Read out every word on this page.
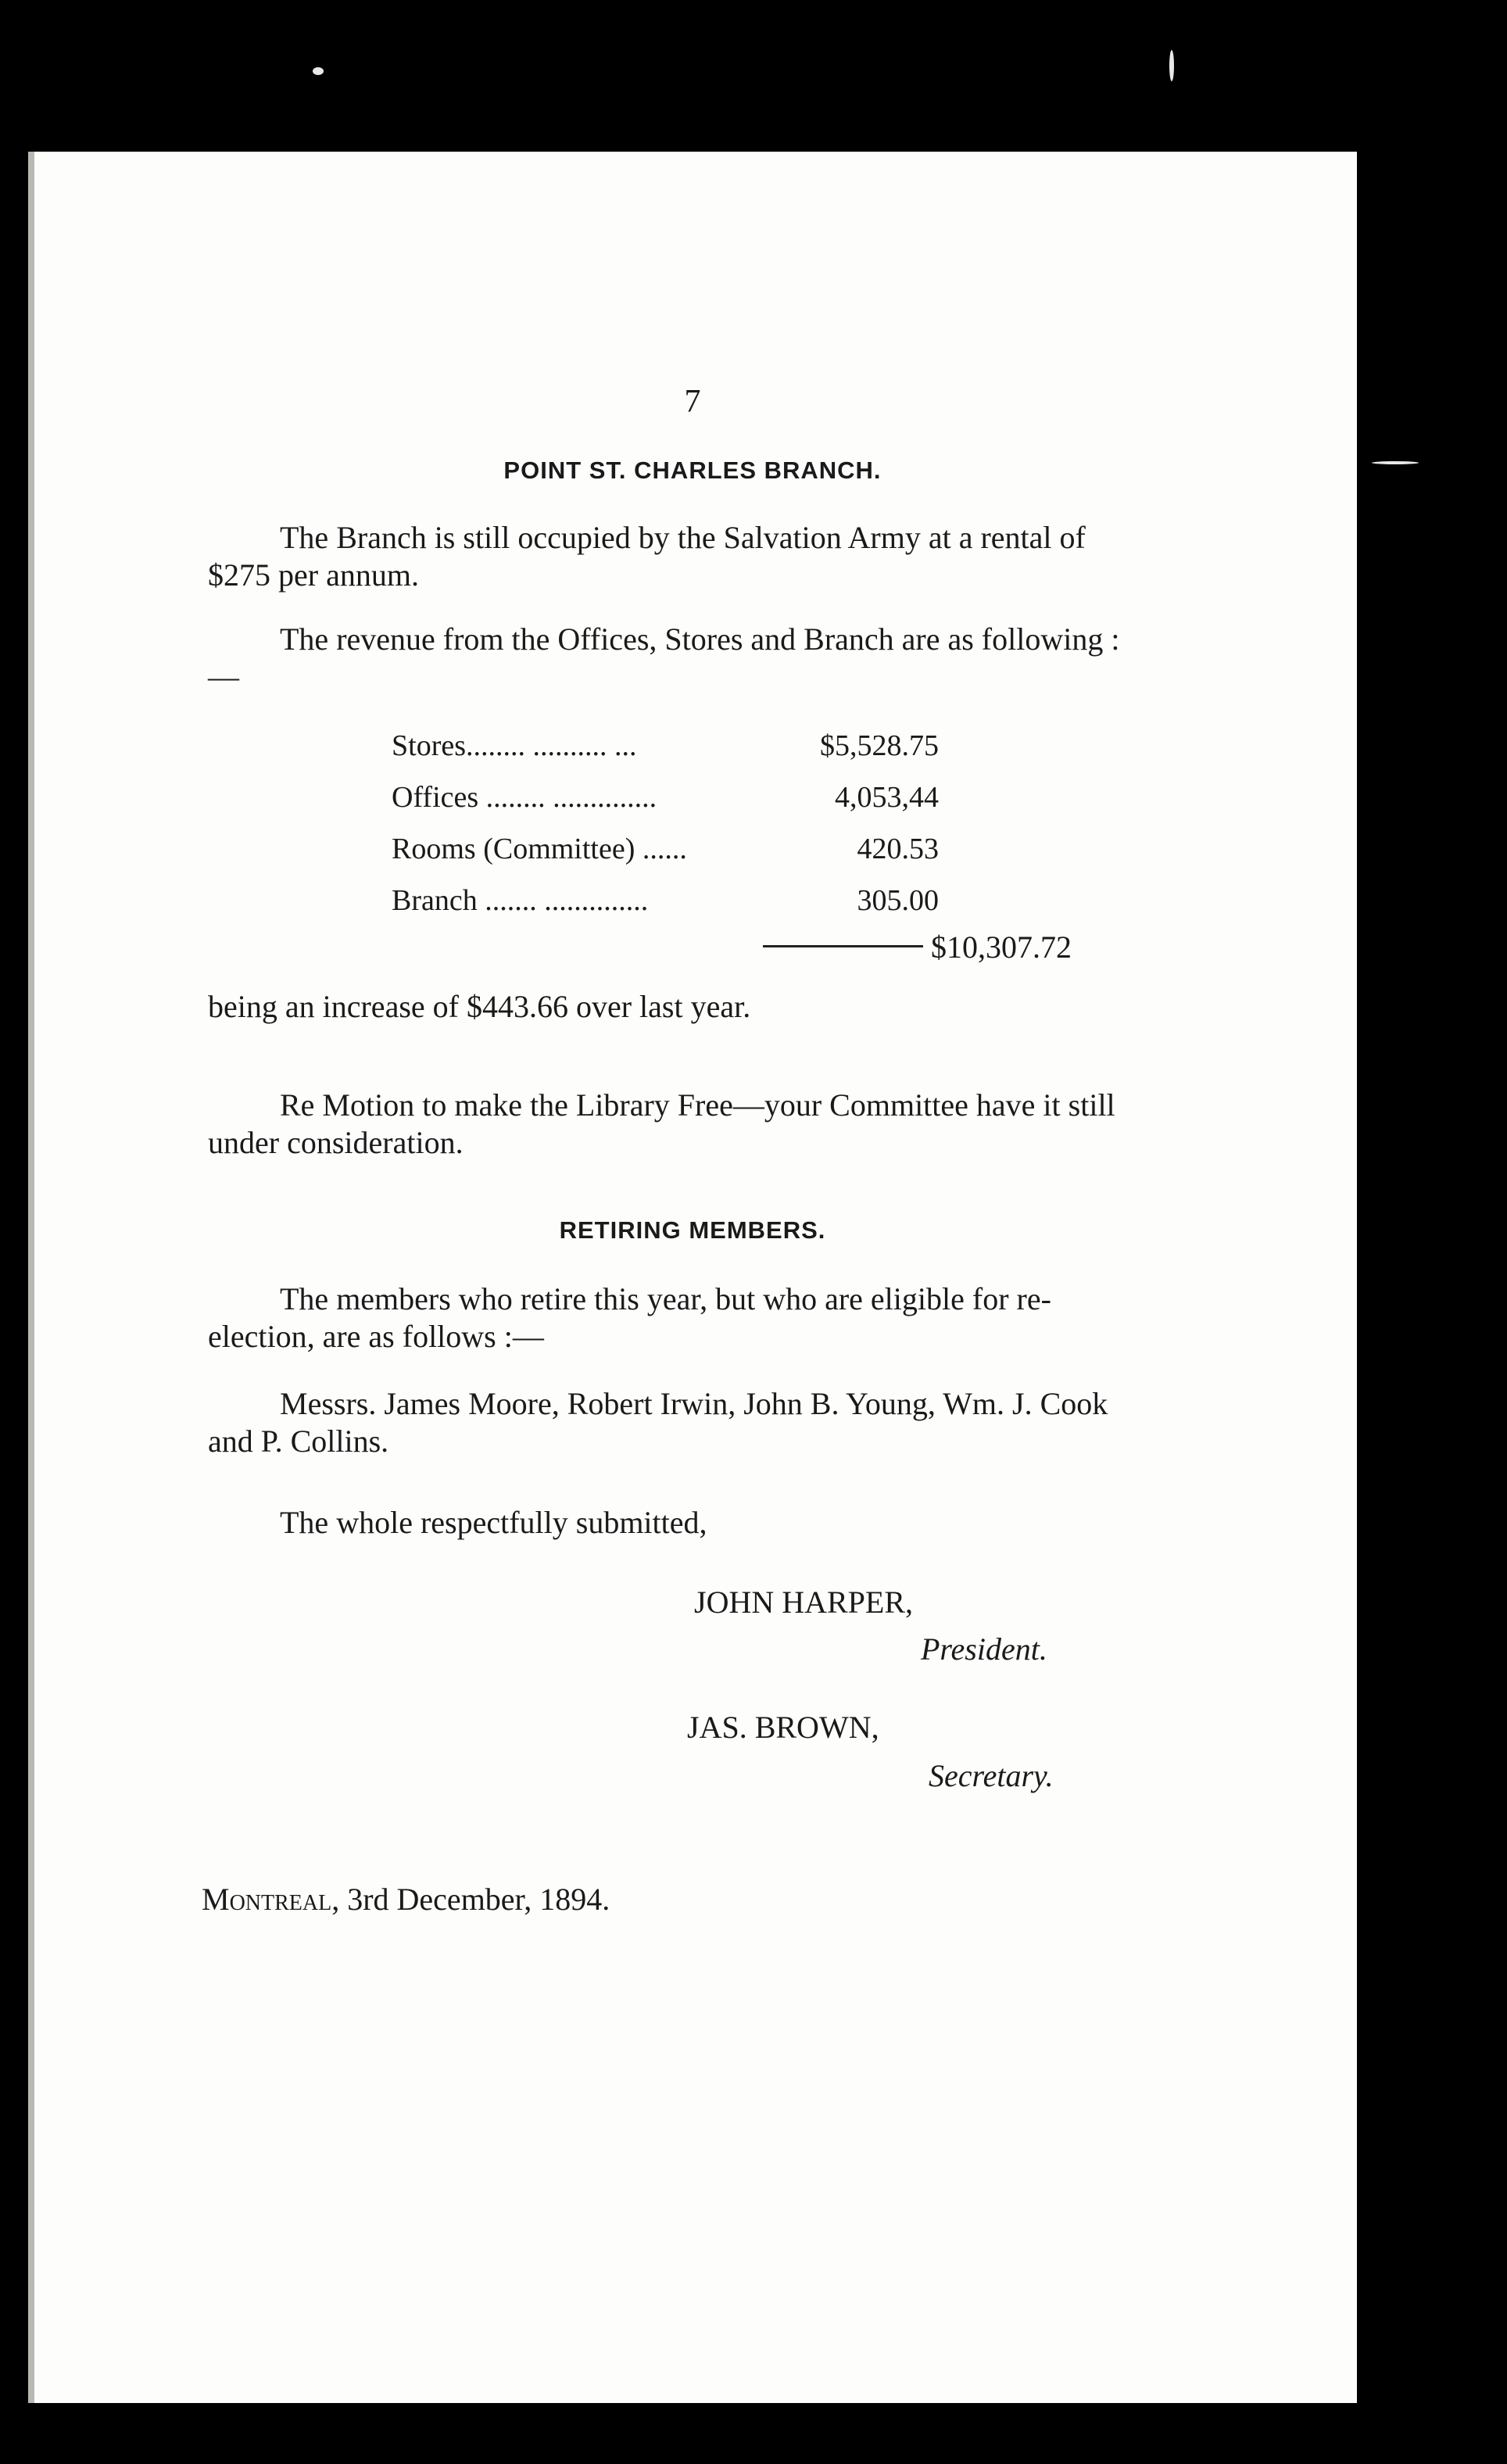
7
POINT ST. CHARLES BRANCH.
The Branch is still occupied by the Salvation Army at a rental of $275 per annum.
The revenue from the Offices, Stores and Branch are as following :—
Stores........ .......... ...	$5,528.75
Offices ........ ..............	4,053,44
Rooms (Committee) ......	420.53
Branch ....... ..............	305.00
$10,307.72
being an increase of $443.66 over last year.
Re Motion to make the Library Free—your Committee have it still under consideration.
RETIRING MEMBERS.
The members who retire this year, but who are eligible for re-election, are as follows :—
Messrs. James Moore, Robert Irwin, John B. Young, Wm. J. Cook and P. Collins.
The whole respectfully submitted,
JOHN HARPER,
President.
JAS. BROWN,
Secretary.
Montreal, 3rd December, 1894.
